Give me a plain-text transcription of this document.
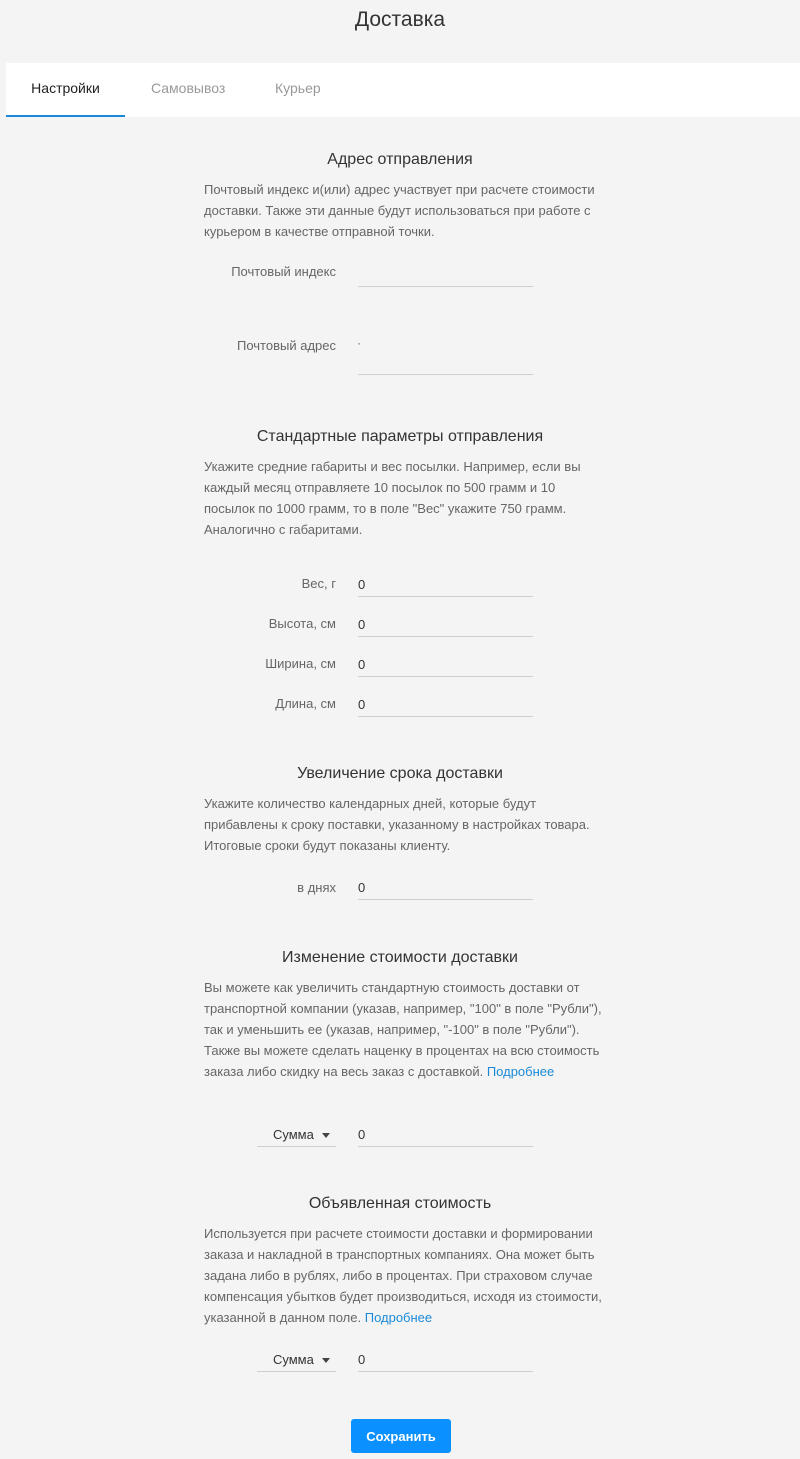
Доставка
Настройки	Самовывоз	Курьер
Адрес отправления
Почтовый индекс и(или) адрес участвует при расчете стоимости доставки. Также эти данные будут использоваться при работе с курьером в качестве отправной точки.
Почтовый индекс
Почтовый адрес ·
Стандартные параметры отправления
Укажите средние габариты и вес посылки. Например, если вы каждый месяц отправляете 10 посылок по 500 грамм и 10 посылок по 1000 грамм, то в поле "Вес" укажите 750 грамм. Аналогично с габаритами.
Вес, г 0
Высота, см 0
Ширина, см 0
Длина, см 0
Увеличение срока доставки
Укажите количество календарных дней, которые будут прибавлены к сроку поставки, указанному в настройках товара. Итоговые сроки будут показаны клиенту.
в днях 0
Изменение стоимости доставки
Вы можете как увеличить стандартную стоимость доставки от транспортной компании (указав, например, "100" в поле "Рубли"), так и уменьшить ее (указав, например, "-100" в поле "Рубли"). Также вы можете сделать наценку в процентах на всю стоимость заказа либо скидку на весь заказ с доставкой. Подробнее
Сумма	0
Объявленная стоимость
Используется при расчете стоимости доставки и формировании заказа и накладной в транспортных компаниях. Она может быть задана либо в рублях, либо в процентах. При страховом случае компенсация убытков будет производиться, исходя из стоимости, указанной в данном поле. Подробнее
Сумма	0
Сохранить
